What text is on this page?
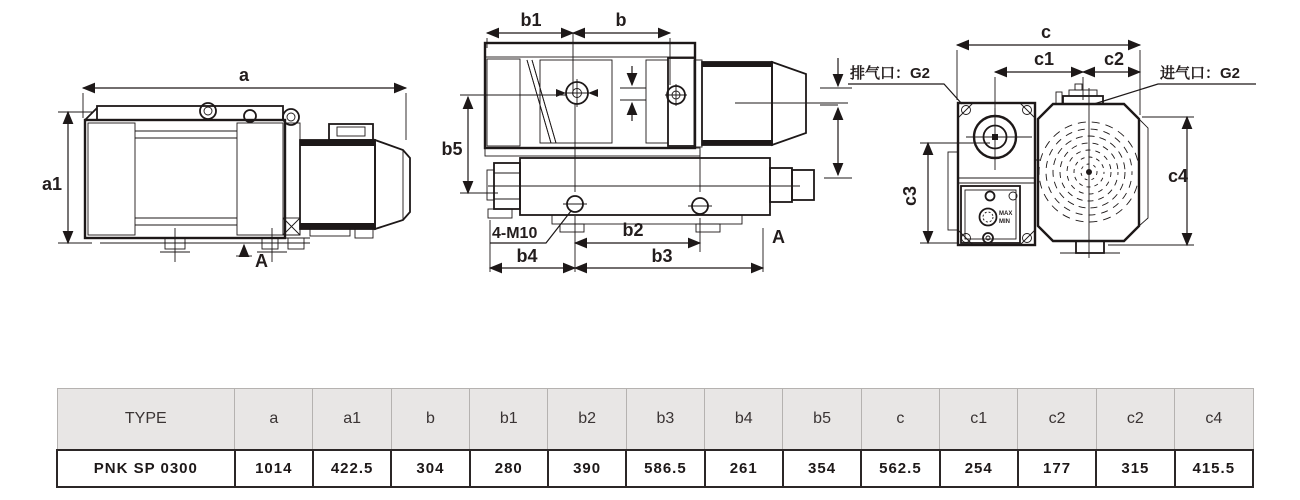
a
a1
A
b1	b
b5
4-M10	b2
b3
b4
A
c
c1	c2
排气口：G2	进气口：G2
MAX
MIN
c3
c4
TYPE	a	a1	b	b1	b2	b3	b4	b5	c	c1	c2	c2	c4
PNK SP 0300	1014	422.5	304	280	390	586.5	261	354	562.5	254	177	315	415.5
